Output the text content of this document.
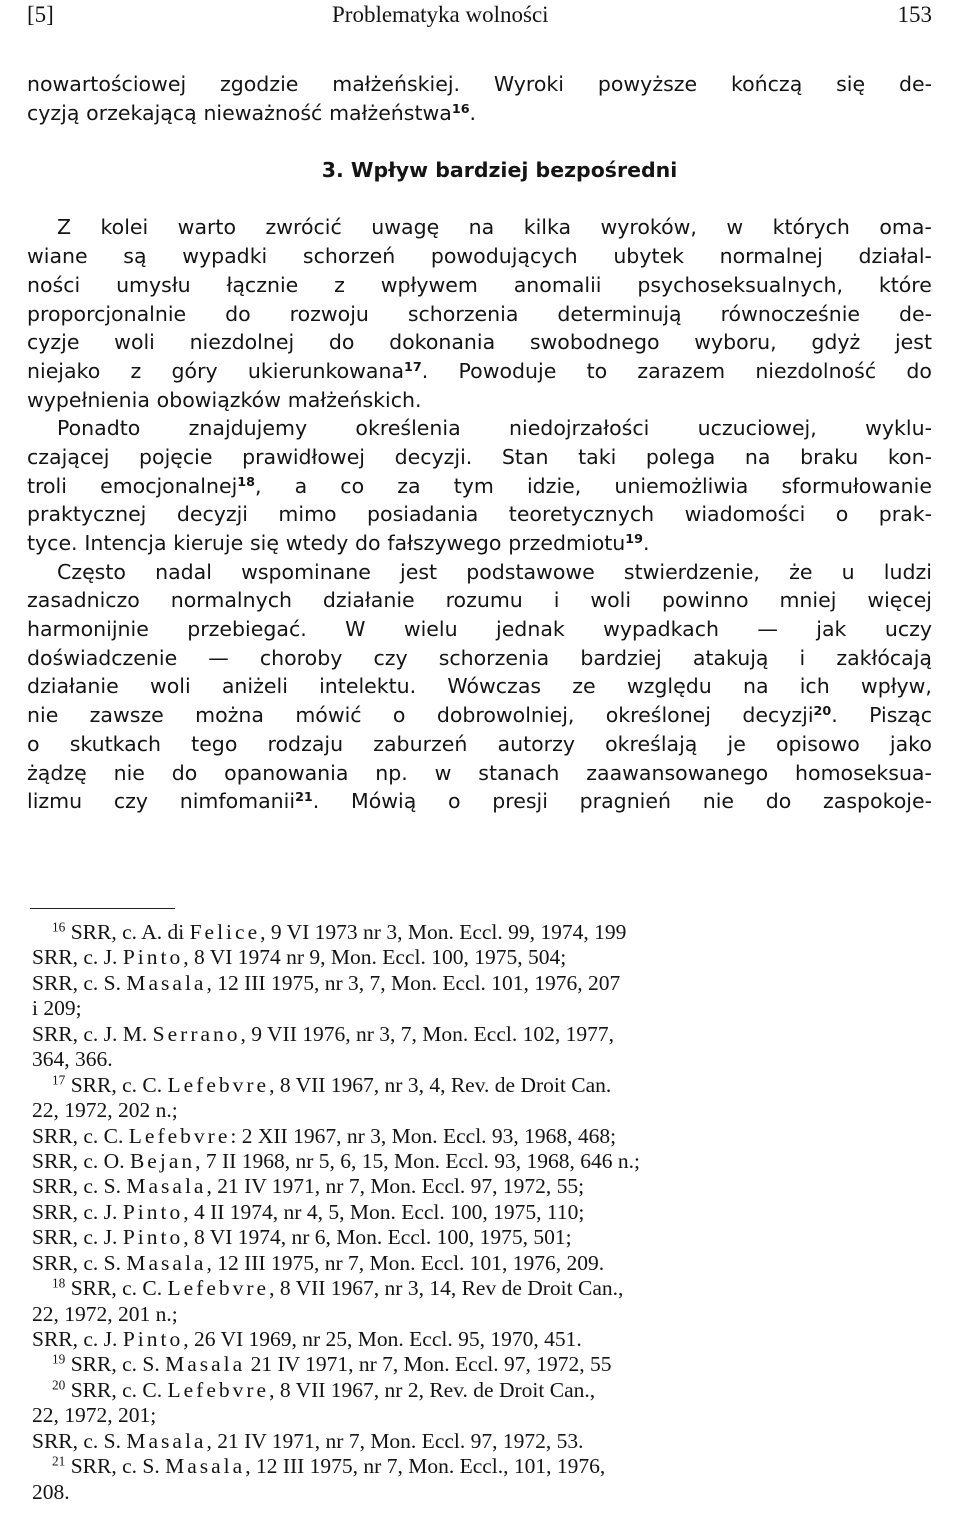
[5]	Problematyka wolności	153
nowartościowej zgodzie małżeńskiej. Wyroki powyższe kończą się de-
cyzją orzekającą nieważność małżeństwa$^{16}$.
3. Wpływ bardziej bezpośredni
Z kolei warto zwrócić uwagę na kilka wyroków, w których oma-
wiane są wypadki schorzeń powodujących ubytek normalnej działal-
ności umysłu łącznie z wpływem anomalii psychoseksualnych, które
proporcjonalnie do rozwoju schorzenia determinują równocześnie de-
cyzje woli niezdolnej do dokonania swobodnego wyboru, gdyż jest
niejako z góry ukierunkowana$^{17}$. Powoduje to zarazem niezdolność do
wypełnienia obowiązków małżeńskich.
Ponadto znajdujemy określenia niedojrzałości uczuciowej, wyklu-
czającej pojęcie prawidłowej decyzji. Stan taki polega na braku kon-
troli emocjonalnej$^{18}$, a co za tym idzie, uniemożliwia sformułowanie
praktycznej decyzji mimo posiadania teoretycznych wiadomości o prak-
tyce. Intencja kieruje się wtedy do fałszywego przedmiotu$^{19}$.
Często nadal wspominane jest podstawowe stwierdzenie, że u ludzi
zasadniczo normalnych działanie rozumu i woli powinno mniej więcej
harmonijnie przebiegać. W wielu jednak wypadkach — jak uczy
doświadczenie — choroby czy schorzenia bardziej atakują i zakłócają
działanie woli aniżeli intelektu. Wówczas ze względu na ich wpływ,
nie zawsze można mówić o dobrowolniej, określonej decyzji$^{20}$. Pisząc
o skutkach tego rodzaju zaburzeń autorzy określają je opisowo jako
żądzę nie do opanowania np. w stanach zaawansowanego homoseksua-
lizmu czy nimfomanii$^{21}$. Mówią o presji pragnień nie do zaspokoje-
$^{16}$ SRR, c. A. di Felice, 9 VI 1973 nr 3, Mon. Eccl. 99, 1974, 199
SRR, c. J. Pinto, 8 VI 1974 nr 9, Mon. Eccl. 100, 1975, 504;
SRR, c. S. Masala, 12 III 1975, nr 3, 7, Mon. Eccl. 101, 1976, 207
i 209;
SRR, c. J. M. Serrano, 9 VII 1976, nr 3, 7, Mon. Eccl. 102, 1977,
364, 366.
$^{17}$ SRR, c. C. Lefebvre, 8 VII 1967, nr 3, 4, Rev. de Droit Can.
22, 1972, 202 n.;
SRR, c. C. Lefebvre: 2 XII 1967, nr 3, Mon. Eccl. 93, 1968, 468;
SRR, c. O. Bejan, 7 II 1968, nr 5, 6, 15, Mon. Eccl. 93, 1968, 646 n.;
SRR, c. S. Masala, 21 IV 1971, nr 7, Mon. Eccl. 97, 1972, 55;
SRR, c. J. Pinto, 4 II 1974, nr 4, 5, Mon. Eccl. 100, 1975, 110;
SRR, c. J. Pinto, 8 VI 1974, nr 6, Mon. Eccl. 100, 1975, 501;
SRR, c. S. Masala, 12 III 1975, nr 7, Mon. Eccl. 101, 1976, 209.
$^{18}$ SRR, c. C. Lefebvre, 8 VII 1967, nr 3, 14, Rev de Droit Can.,
22, 1972, 201 n.;
SRR, c. J. Pinto, 26 VI 1969, nr 25, Mon. Eccl. 95, 1970, 451.
$^{19}$ SRR, c. S. Masala 21 IV 1971, nr 7, Mon. Eccl. 97, 1972, 55
$^{20}$ SRR, c. C. Lefebvre, 8 VII 1967, nr 2, Rev. de Droit Can.,
22, 1972, 201;
SRR, c. S. Masala, 21 IV 1971, nr 7, Mon. Eccl. 97, 1972, 53.
$^{21}$ SRR, c. S. Masala, 12 III 1975, nr 7, Mon. Eccl., 101, 1976,
208.
